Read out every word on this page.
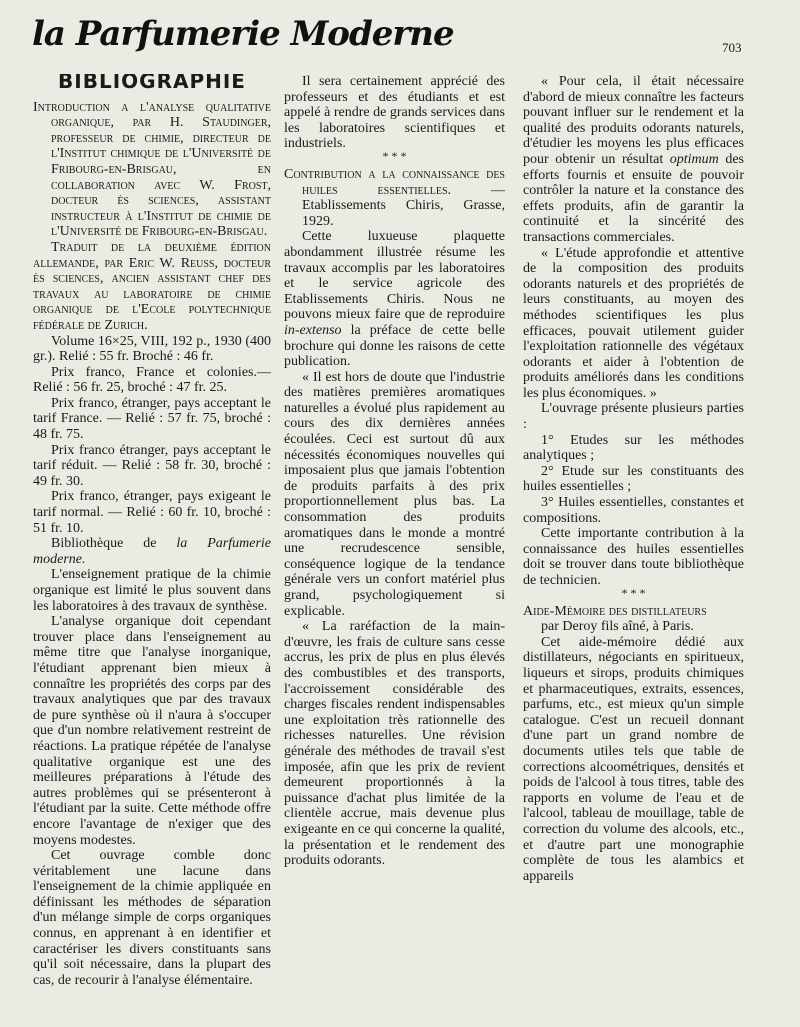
la Parfumerie Moderne	703
BIBLIOGRAPHIE

Introduction a l'analyse qualitative organique, par H. Staudinger, professeur de chimie, directeur de l'Institut chimique de l'Université de Fribourg-en-Brisgau, en collaboration avec W. Frost, docteur ès sciences, assistant instructeur à l'Institut de chimie de l'Université de Fribourg-en-Brisgau.

Traduit de la deuxième édition allemande, par Eric W. Reuss, docteur ès sciences, ancien assistant chef des travaux au laboratoire de chimie organique de l'Ecole polytechnique fédérale de Zurich.

Volume 16×25, VIII, 192 p., 1930 (400 gr.). Relié : 55 fr. Broché : 46 fr.

Prix franco, France et colonies.— Relié : 56 fr. 25, broché : 47 fr. 25.

Prix franco, étranger, pays acceptant le tarif France. — Relié : 57 fr. 75, broché : 48 fr. 75.

Prix franco étranger, pays acceptant le tarif réduit. — Relié : 58 fr. 30, broché : 49 fr. 30.

Prix franco, étranger, pays exigeant le tarif normal. — Relié : 60 fr. 10, broché : 51 fr. 10.

Bibliothèque de la Parfumerie moderne.

L'enseignement pratique de la chimie organique est limité le plus souvent dans les laboratoires à des travaux de synthèse.

L'analyse organique doit cependant trouver place dans l'enseignement au même titre que l'analyse inorganique, l'étudiant apprenant bien mieux à connaître les propriétés des corps par des travaux analytiques que par des travaux de pure synthèse où il n'aura à s'occuper que d'un nombre relativement restreint de réactions. La pratique répétée de l'analyse qualitative organique est une des meilleures préparations à l'étude des autres problèmes qui se présenteront à l'étudiant par la suite. Cette méthode offre encore l'avantage de n'exiger que des moyens modestes.

Cet ouvrage comble donc véritablement une lacune dans l'enseignement de la chimie appliquée en définissant les méthodes de séparation d'un mélange simple de corps organiques connus, en apprenant à en identifier et caractériser les divers constituants sans qu'il soit nécessaire, dans la plupart des cas, de recourir à l'analyse élémentaire.

Il sera certainement apprécié des professeurs et des étudiants et est appelé à rendre de grands services dans les laboratoires scientifiques et industriels.

* * *

Contribution a la connaissance des huiles essentielles. — Etablissements Chiris, Grasse, 1929.

Cette luxueuse plaquette abondamment illustrée résume les travaux accomplis par les laboratoires et le service agricole des Etablissements Chiris. Nous ne pouvons mieux faire que de reproduire in-extenso la préface de cette belle brochure qui donne les raisons de cette publication.

« Il est hors de doute que l'industrie des matières premières aromatiques naturelles a évolué plus rapidement au cours des dix dernières années écoulées. Ceci est surtout dû aux nécessités économiques nouvelles qui imposaient plus que jamais l'obtention de produits parfaits à des prix proportionnellement plus bas. La consommation des produits aromatiques dans le monde a montré une recrudescence sensible, conséquence logique de la tendance générale vers un confort matériel plus grand, psychologiquement si explicable.

« La raréfaction de la main-d'œuvre, les frais de culture sans cesse accrus, les prix de plus en plus élevés des combustibles et des transports, l'accroissement considérable des charges fiscales rendent indispensables une exploitation très rationnelle des richesses naturelles. Une révision générale des méthodes de travail s'est imposée, afin que les prix de revient demeurent proportionnés à la puissance d'achat plus limitée de la clientèle accrue, mais devenue plus exigeante en ce qui concerne la qualité, la présentation et le rendement des produits odorants.

« Pour cela, il était nécessaire d'abord de mieux connaître les facteurs pouvant influer sur le rendement et la qualité des produits odorants naturels, d'étudier les moyens les plus efficaces pour obtenir un résultat optimum des efforts fournis et ensuite de pouvoir contrôler la nature et la constance des effets produits, afin de garantir la continuité et la sincérité des transactions commerciales.

« L'étude approfondie et attentive de la composition des produits odorants naturels et des propriétés de leurs constituants, au moyen des méthodes scientifiques les plus efficaces, pouvait utilement guider l'exploitation rationnelle des végétaux odorants et aider à l'obtention de produits améliorés dans les conditions les plus économiques. »

L'ouvrage présente plusieurs parties :

1° Etudes sur les méthodes analytiques ;

2° Etude sur les constituants des huiles essentielles ;

3° Huiles essentielles, constantes et compositions.

Cette importante contribution à la connaissance des huiles essentielles doit se trouver dans toute bibliothèque de technicien.

* * *

Aide-Mémoire des distillateurs

par Deroy fils aîné, à Paris.

Cet aide-mémoire dédié aux distillateurs, négociants en spiritueux, liqueurs et sirops, produits chimiques et pharmaceutiques, extraits, essences, parfums, etc., est mieux qu'un simple catalogue. C'est un recueil donnant d'une part un grand nombre de documents utiles tels que table de corrections alcoométriques, densités et poids de l'alcool à tous titres, table des rapports en volume de l'eau et de l'alcool, tableau de mouillage, table de correction du volume des alcools, etc., et d'autre part une monographie complète de tous les alambics et appareils
